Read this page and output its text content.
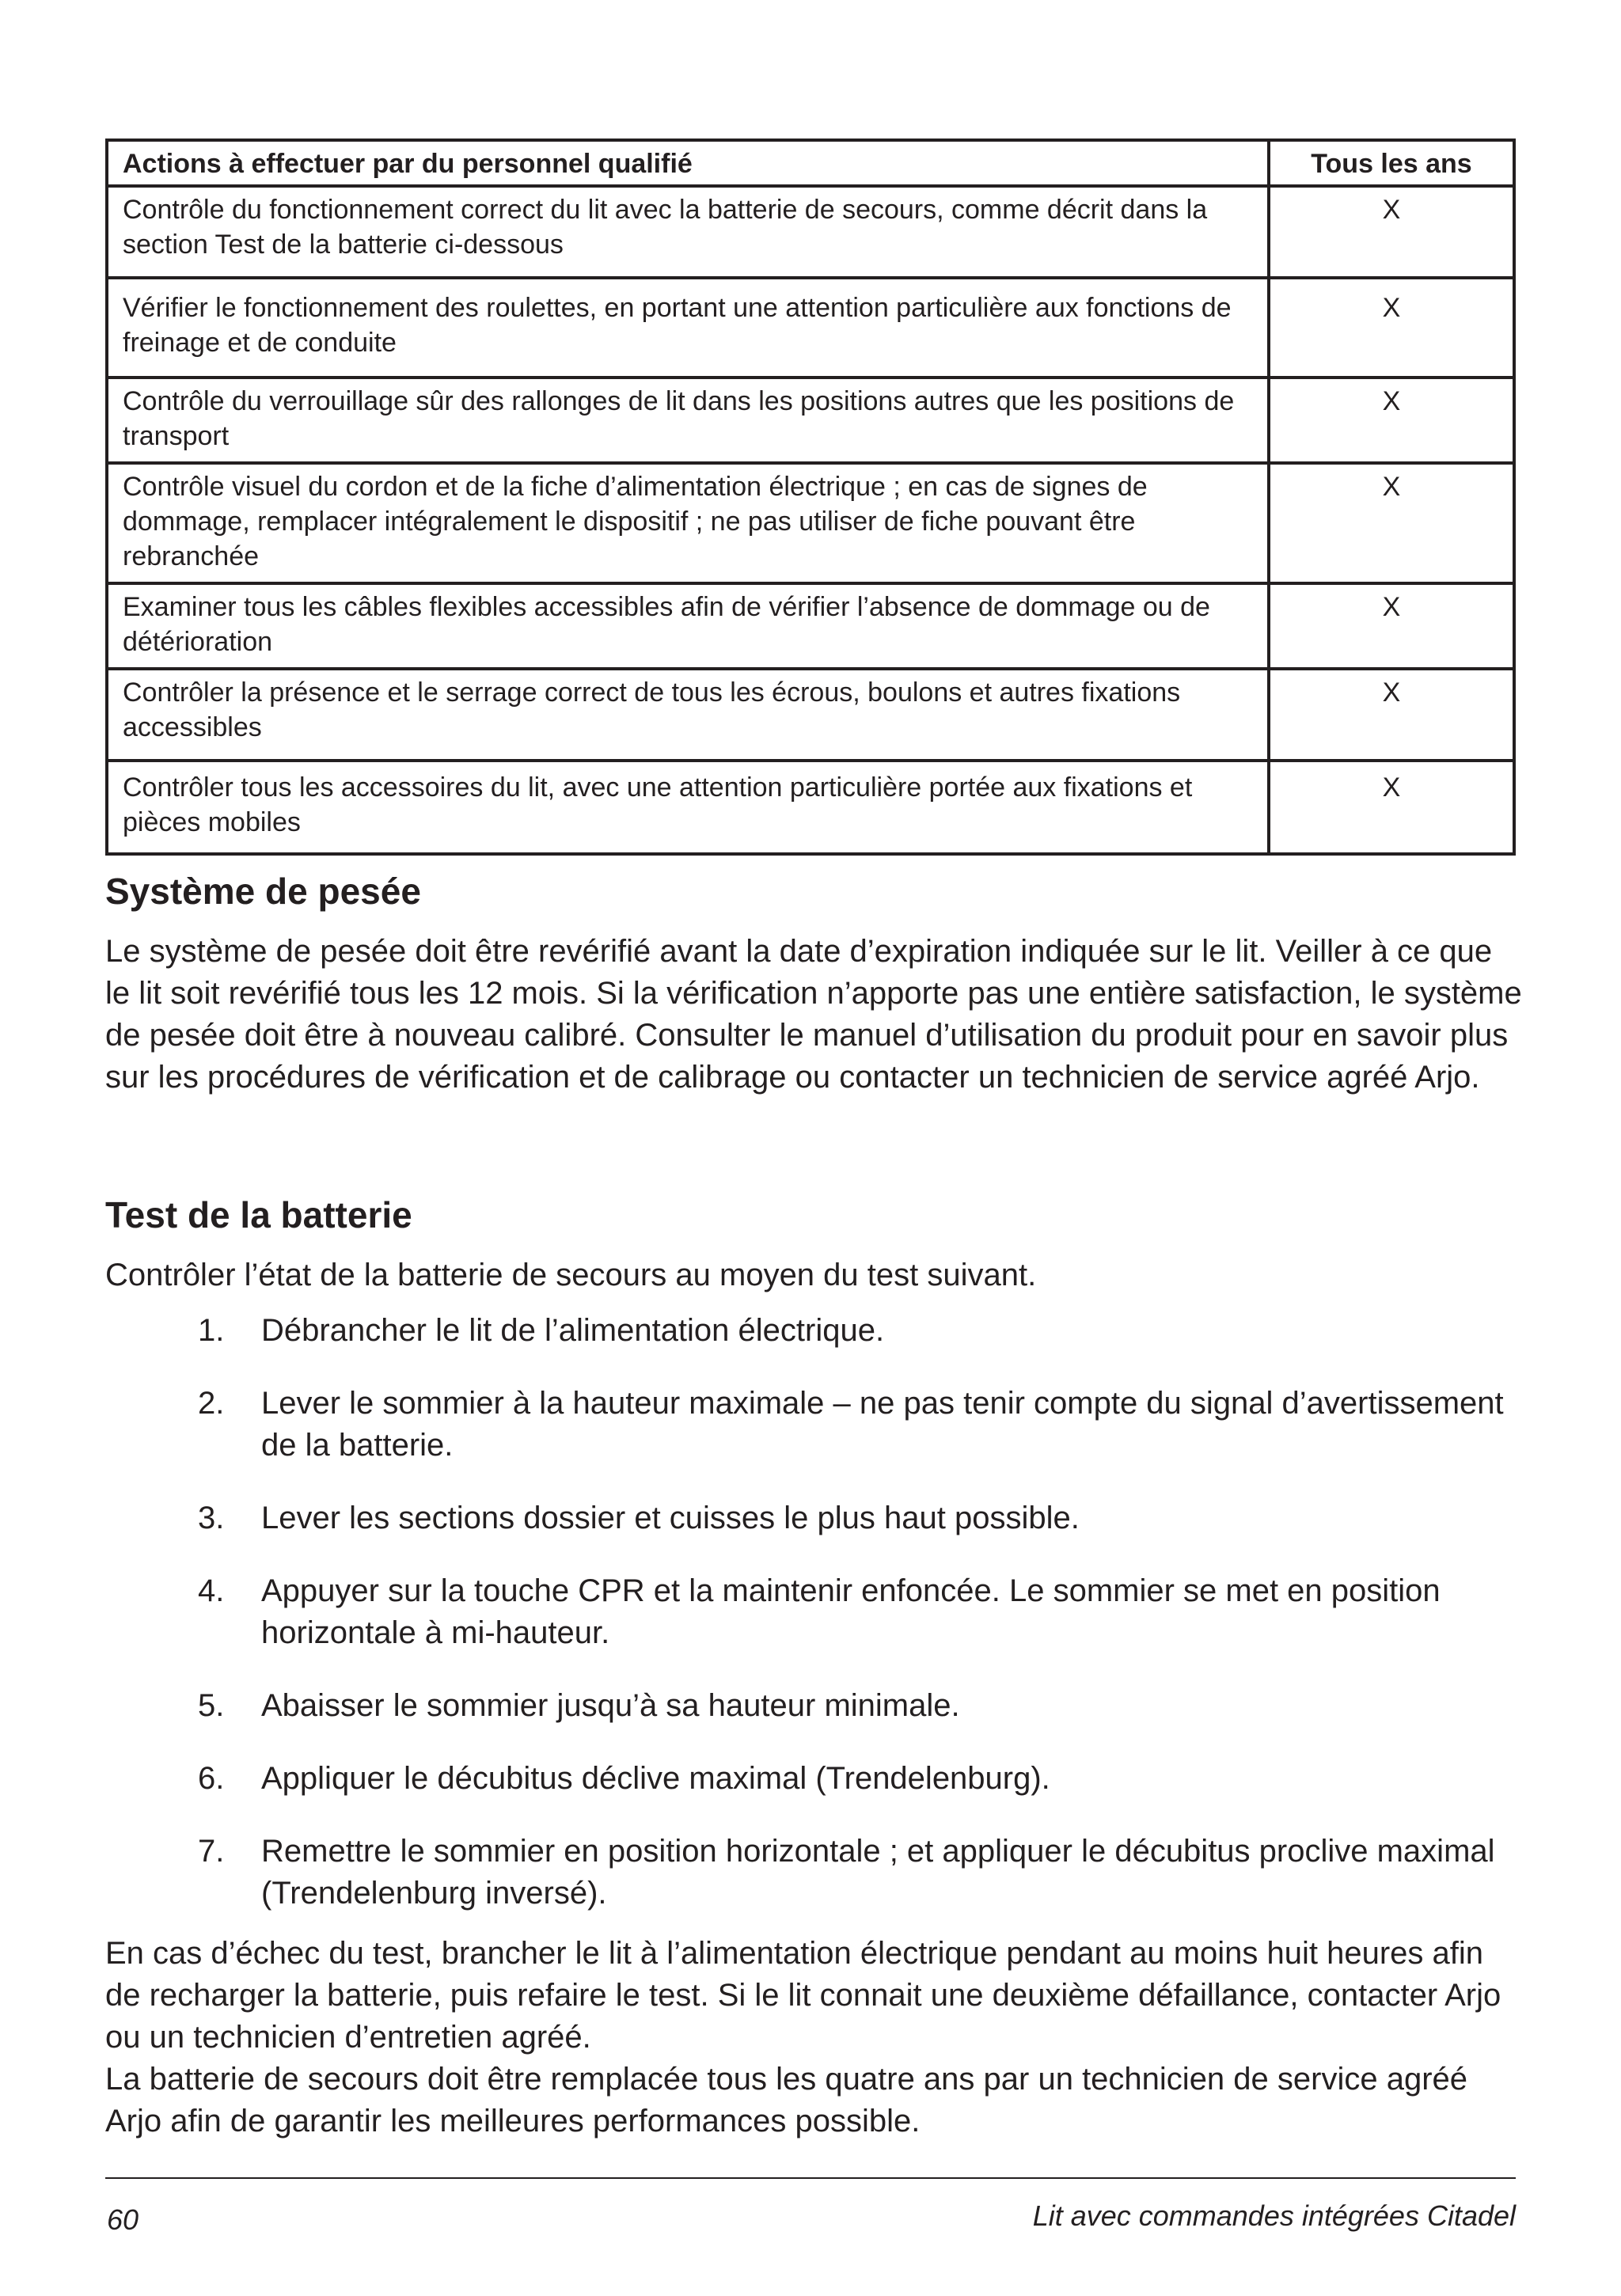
Actions à effectuer par du personnel qualifié	Tous les ans
Contrôle du fonctionnement correct du lit avec la batterie de secours, comme décrit dans la section Test de la batterie ci-dessous	X
Vérifier le fonctionnement des roulettes, en portant une attention particulière aux fonctions de freinage et de conduite	X
Contrôle du verrouillage sûr des rallonges de lit dans les positions autres que les positions de transport	X
Contrôle visuel du cordon et de la fiche d’alimentation électrique ; en cas de signes de dommage, remplacer intégralement le dispositif ; ne pas utiliser de fiche pouvant être rebranchée	X
Examiner tous les câbles flexibles accessibles afin de vérifier l’absence de dommage ou de détérioration	X
Contrôler la présence et le serrage correct de tous les écrous, boulons et autres fixations accessibles	X
Contrôler tous les accessoires du lit, avec une attention particulière portée aux fixations et pièces mobiles	X
Système de pesée

Le système de pesée doit être revérifié avant la date d’expiration indiquée sur le lit. Veiller à ce que le lit soit revérifié tous les 12 mois. Si la vérification n’apporte pas une entière satisfaction, le système de pesée doit être à nouveau calibré. Consulter le manuel d’utilisation du produit pour en savoir plus sur les procédures de vérification et de calibrage ou contacter un technicien de service agréé Arjo.

Test de la batterie

Contrôler l’état de la batterie de secours au moyen du test suivant.

1.	Débrancher le lit de l’alimentation électrique.
2.	Lever le sommier à la hauteur maximale – ne pas tenir compte du signal d’avertissement de la batterie.
3.	Lever les sections dossier et cuisses le plus haut possible.
4.	Appuyer sur la touche CPR et la maintenir enfoncée. Le sommier se met en position horizontale à mi-hauteur.
5.	Abaisser le sommier jusqu’à sa hauteur minimale.
6.	Appliquer le décubitus déclive maximal (Trendelenburg).
7.	Remettre le sommier en position horizontale ; et appliquer le décubitus proclive maximal (Trendelenburg inversé).

En cas d’échec du test, brancher le lit à l’alimentation électrique pendant au moins huit heures afin de recharger la batterie, puis refaire le test. Si le lit connait une deuxième défaillance, contacter Arjo ou un technicien d’entretien agréé.

La batterie de secours doit être remplacée tous les quatre ans par un technicien de service agréé Arjo afin de garantir les meilleures performances possible.

60	Lit avec commandes intégrées Citadel
